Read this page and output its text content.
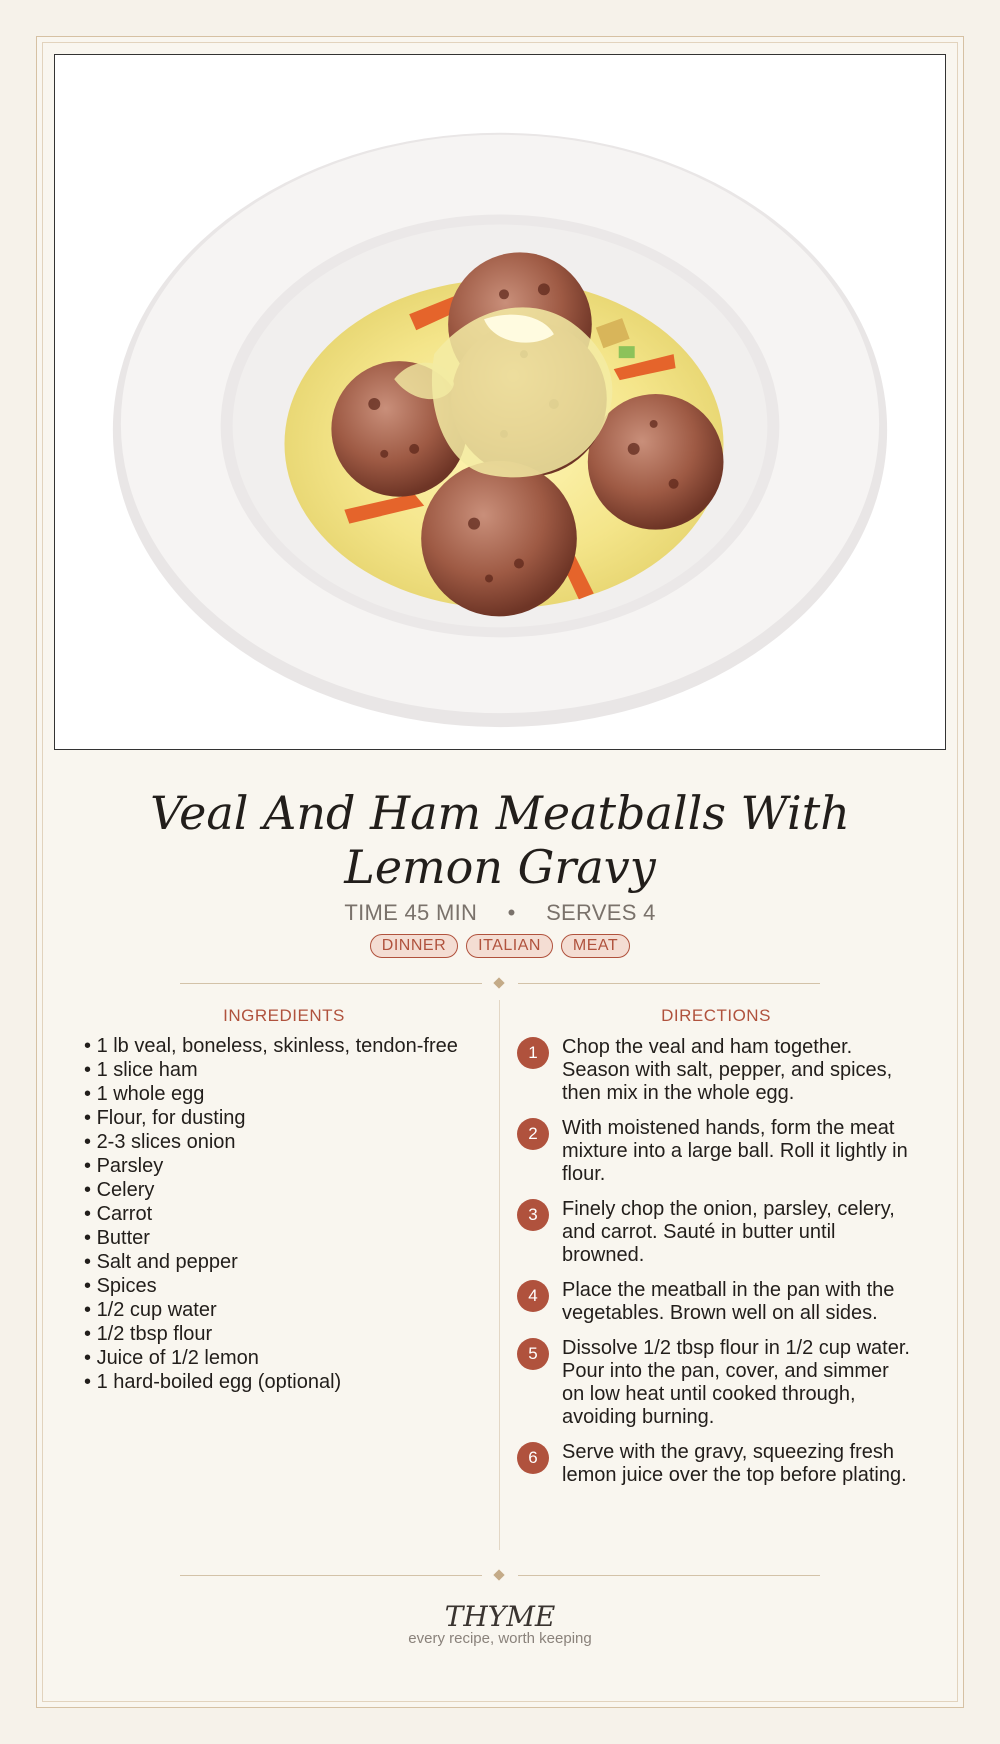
Veal And Ham Meatballs With Lemon Gravy
TIME 45 MIN • SERVES 4
DINNER ITALIAN MEAT
INGREDIENTS	DIRECTIONS
• 1 lb veal, boneless, skinless, tendon-free
• 1 slice ham
• 1 whole egg
• Flour, for dusting
• 2-3 slices onion
• Parsley
• Celery
• Carrot
• Butter
• Salt and pepper
• Spices
• 1/2 cup water
• 1/2 tbsp flour
• Juice of 1/2 lemon
• 1 hard-boiled egg (optional)
1	Chop the veal and ham together. Season with salt, pepper, and spices, then mix in the whole egg.
2	With moistened hands, form the meat mixture into a large ball. Roll it lightly in flour.
3	Finely chop the onion, parsley, celery, and carrot. Sauté in butter until browned.
4	Place the meatball in the pan with the vegetables. Brown well on all sides.
5	Dissolve 1/2 tbsp flour in 1/2 cup water. Pour into the pan, cover, and simmer on low heat until cooked through, avoiding burning.
6	Serve with the gravy, squeezing fresh lemon juice over the top before plating.
THYME
every recipe, worth keeping
